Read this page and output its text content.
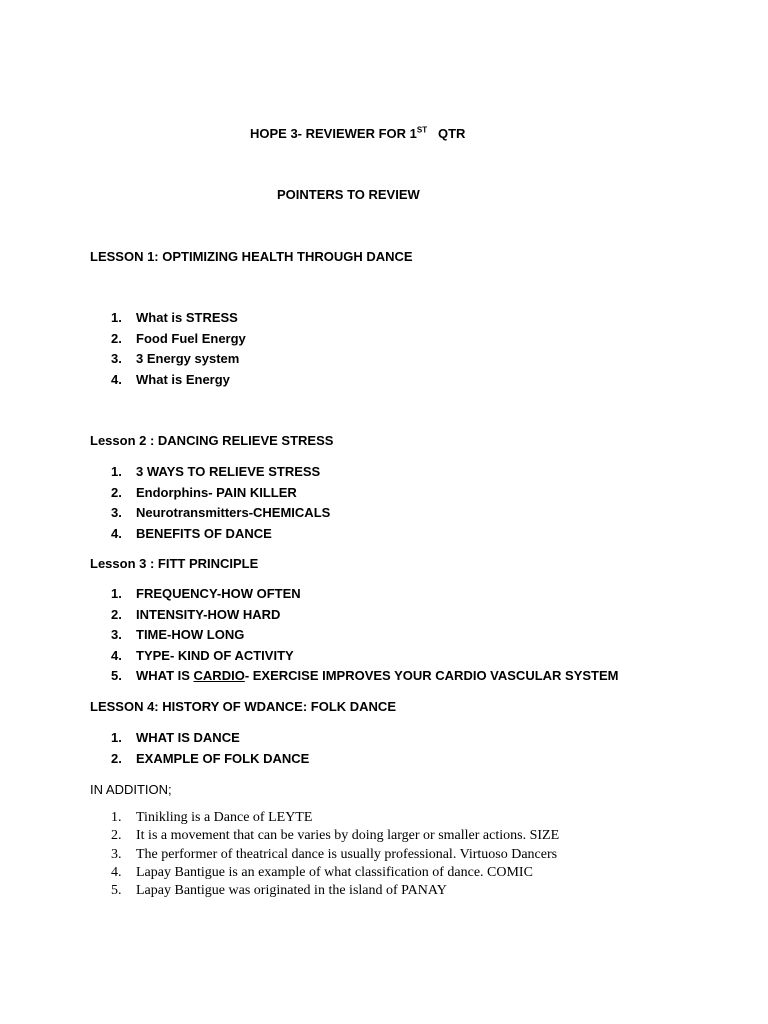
HOPE 3- REVIEWER FOR 1ST QTR
POINTERS TO REVIEW
LESSON 1: OPTIMIZING HEALTH THROUGH DANCE
1.	What is STRESS
2.	Food Fuel Energy
3.	3 Energy system
4.	What is Energy
Lesson 2 : DANCING RELIEVE STRESS
1.	3 WAYS TO RELIEVE STRESS
2.	Endorphins- PAIN KILLER
3.	Neurotransmitters-CHEMICALS
4.	BENEFITS OF DANCE
Lesson 3 : FITT PRINCIPLE
1.	FREQUENCY-HOW OFTEN
2.	INTENSITY-HOW HARD
3.	TIME-HOW LONG
4.	TYPE- KIND OF ACTIVITY
5.	WHAT IS CARDIO- EXERCISE IMPROVES YOUR CARDIO VASCULAR SYSTEM
LESSON 4: HISTORY OF WDANCE: FOLK DANCE
1.	WHAT IS DANCE
2.	EXAMPLE OF FOLK DANCE
IN ADDITION;
1.	Tinikling is a Dance of LEYTE
2.	It is a movement that can be varies by doing larger or smaller actions. SIZE
3.	The performer of theatrical dance is usually professional. Virtuoso Dancers
4.	Lapay Bantigue is an example of what classification of dance. COMIC
5.	Lapay Bantigue was originated in the island of PANAY
